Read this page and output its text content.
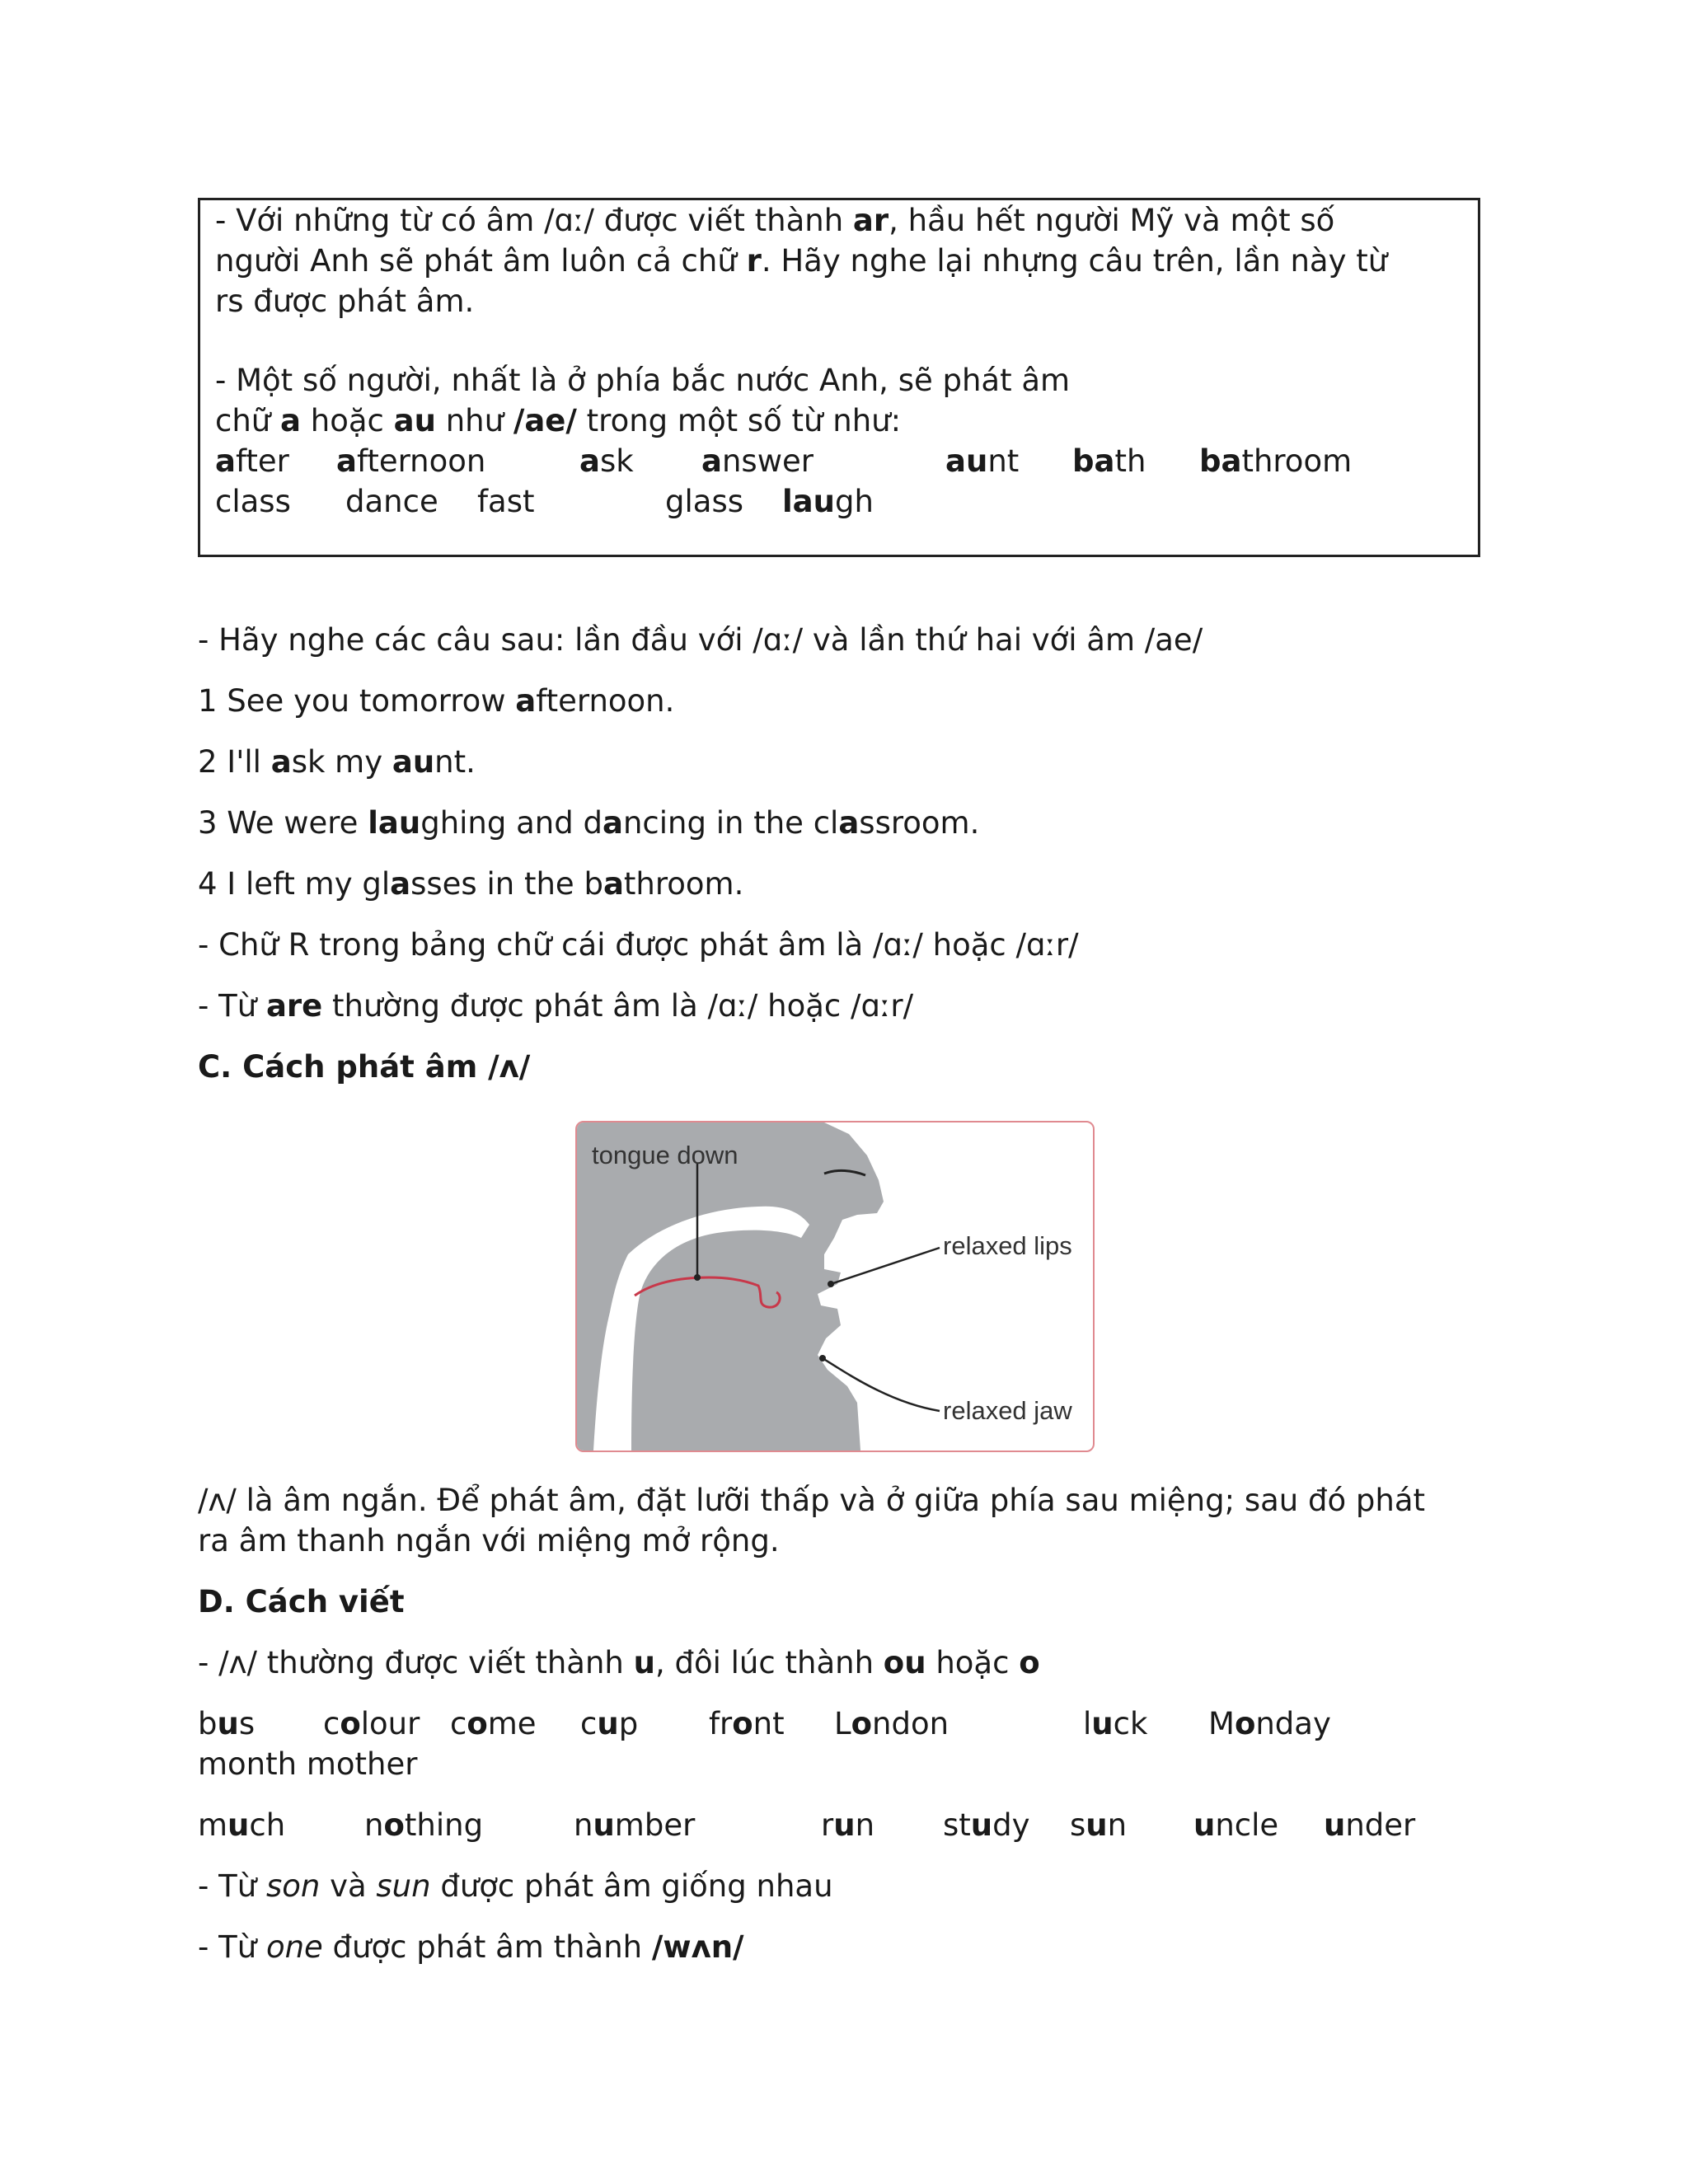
- Với những từ có âm /ɑː/ được viết thành ar, hầu hết người Mỹ và một số
người Anh sẽ phát âm luôn cả chữ r. Hãy nghe lại nhựng câu trên, lần này từ
rs được phát âm.
- Một số người, nhất là ở phía bắc nước Anh, sẽ phát âm
chữ a hoặc au như /ae/ trong một số từ như:
after afternoon	ask answer	aunt bath bathroom
class dance fast	glass laugh
- Hãy nghe các câu sau: lần đầu với /ɑː/ và lần thứ hai với âm /ae/
1 See you tomorrow afternoon.
2 I'll ask my aunt.
3 We were laughing and dancing in the classroom.
4 I left my glasses in the bathroom.
- Chữ R trong bảng chữ cái được phát âm là /ɑː/ hoặc /ɑːr/
- Từ are thường được phát âm là /ɑː/ hoặc /ɑːr/
C. Cách phát âm /ʌ/
tongue down
relaxed lips
relaxed jaw
/ʌ/ là âm ngắn. Để phát âm, đặt lưỡi thấp và ở giữa phía sau miệng; sau đó phát
ra âm thanh ngắn với miệng mở rộng.
D. Cách viết
- /ʌ/ thường được viết thành u, đôi lúc thành ou hoặc o
bus colour come cup front London	luck Monday
month mother
much	nothing	number	run study sun uncle under
- Từ son và sun được phát âm giống nhau
- Từ one được phát âm thành /wʌn/
